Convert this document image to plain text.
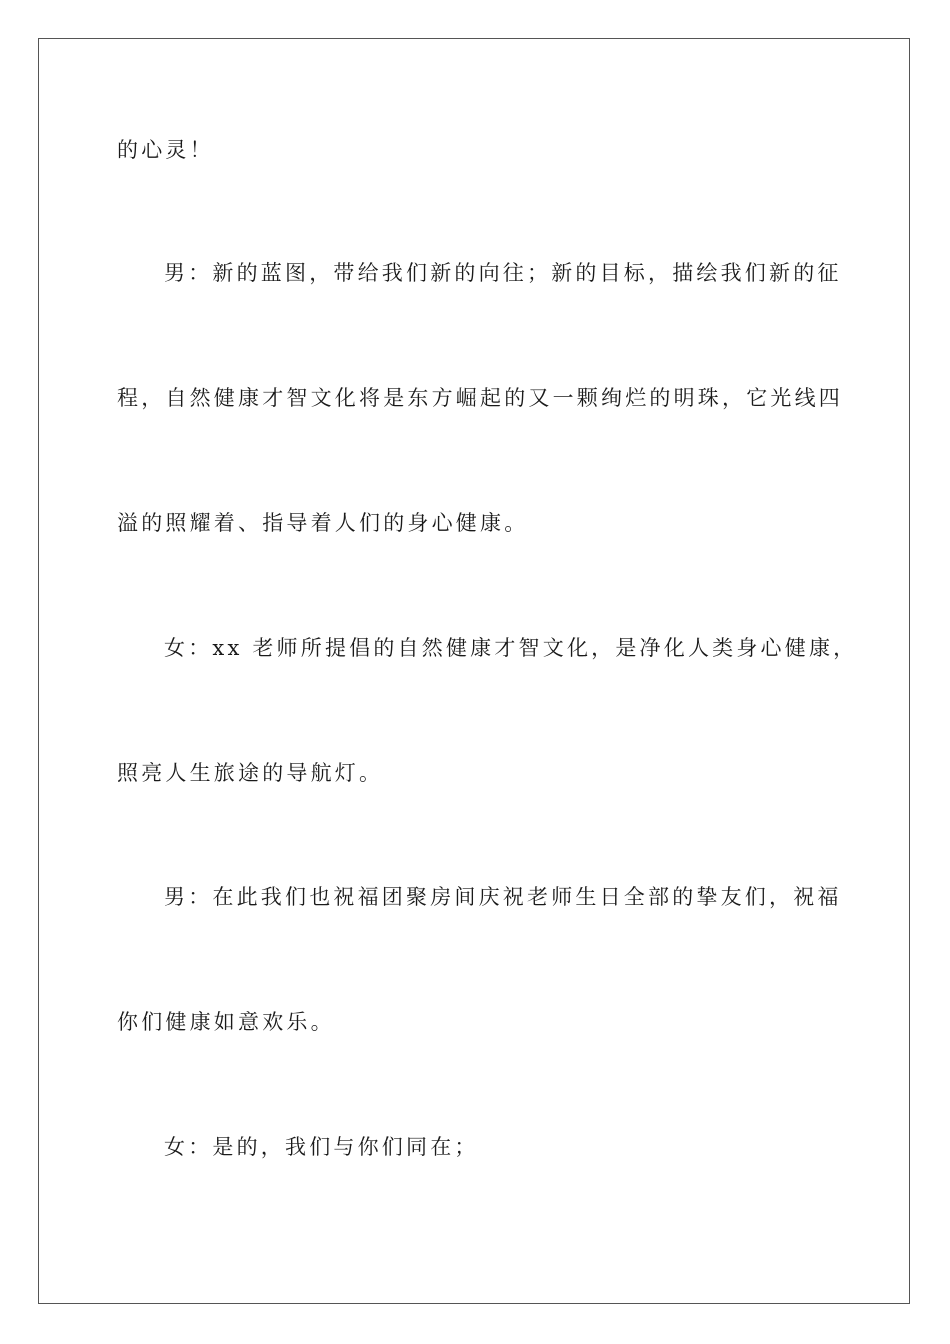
的心灵！
男：新的蓝图，带给我们新的向往；新的目标，描绘我们新的征
程，自然健康才智文化将是东方崛起的又一颗绚烂的明珠，它光线四
溢的照耀着、指导着人们的身心健康。
女：xx 老师所提倡的自然健康才智文化，是净化人类身心健康，
照亮人生旅途的导航灯。
男：在此我们也祝福团聚房间庆祝老师生日全部的挚友们，祝福
你们健康如意欢乐。
女：是的，我们与你们同在；
